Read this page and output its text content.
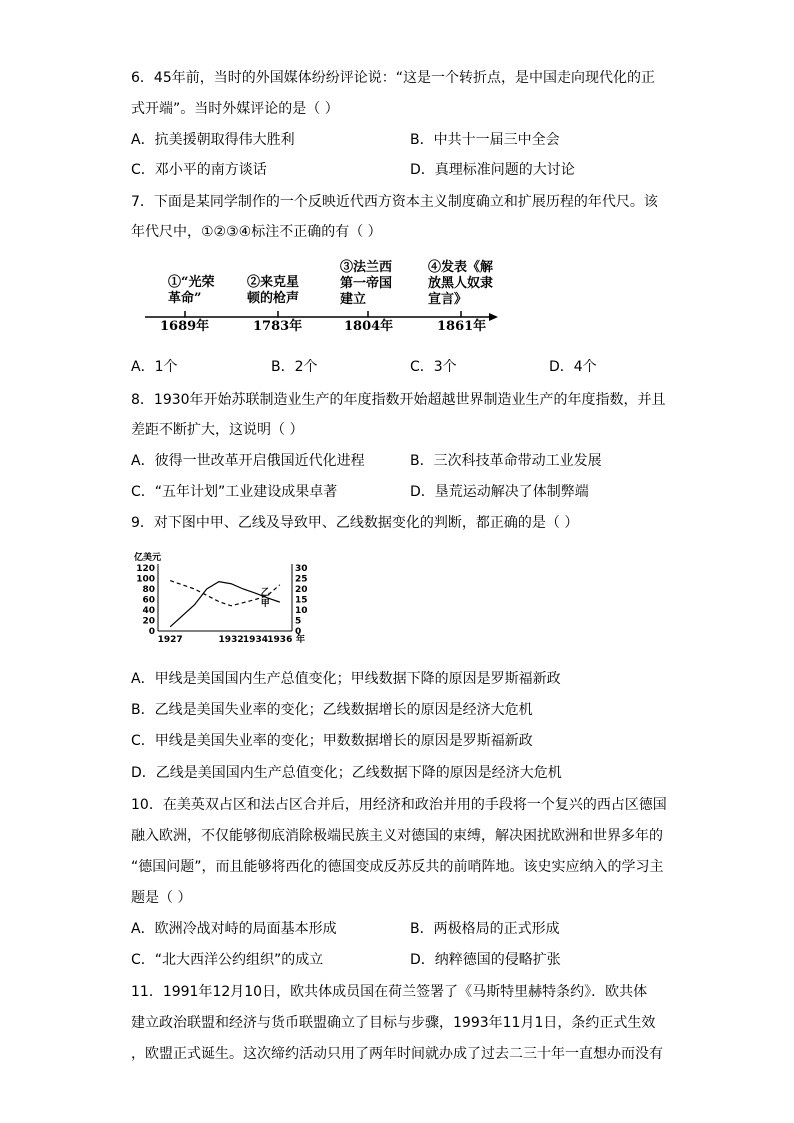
6．45年前，当时的外国媒体纷纷评论说：“这是一个转折点，是中国走向现代化的正
式开端”。当时外媒评论的是（ ）
A．抗美援朝取得伟大胜利	B．中共十一届三中全会
C．邓小平的南方谈话	D．真理标准问题的大讨论
7．下面是某同学制作的一个反映近代西方资本主义制度确立和扩展历程的年代尺。该
年代尺中，①②③④标注不正确的有（ ）
①“光荣
革命”
②来克星
顿的枪声
③法兰西
第一帝国
建立
④发表《解
放黑人奴隶
宣言》
1689年	1783年	1804年	1861年
A．1个	B．2个	C．3个	D．4个
8．1930年开始苏联制造业生产的年度指数开始超越世界制造业生产的年度指数，并且
差距不断扩大，这说明（ ）
A．彼得一世改革开启俄国近代化进程	B．三次科技革命带动工业发展
C．“五年计划”工业建设成果卓著	D．垦荒运动解决了体制弊端
9．对下图中甲、乙线及导致甲、乙线数据变化的判断，都正确的是（ ）
0
20
40
60
80
100
120
0
5
10
15
20
25
30
亿美元
1927	1932 1934 1936 年
甲
乙
A．甲线是美国国内生产总值变化；甲线数据下降的原因是罗斯福新政
B．乙线是美国失业率的变化；乙线数据增长的原因是经济大危机
C．甲线是美国失业率的变化；甲数数据增长的原因是罗斯福新政
D．乙线是美国国内生产总值变化；乙线数据下降的原因是经济大危机
10．在美英双占区和法占区合并后，用经济和政治并用的手段将一个复兴的西占区德国
融入欧洲，不仅能够彻底消除极端民族主义对德国的束缚，解决困扰欧洲和世界多年的
“德国问题”，而且能够将西化的德国变成反苏反共的前哨阵地。该史实应纳入的学习主
题是（ ）
A．欧洲冷战对峙的局面基本形成	B．两极格局的正式形成
C．“北大西洋公约组织”的成立	D．纳粹德国的侵略扩张
11．1991年12月10日，欧共体成员国在荷兰签署了《马斯特里赫特条约》．欧共体
建立政治联盟和经济与货币联盟确立了目标与步骤，1993年11月1日，条约正式生效
，欧盟正式诞生。这次缔约活动只用了两年时间就办成了过去二三十年一直想办而没有
